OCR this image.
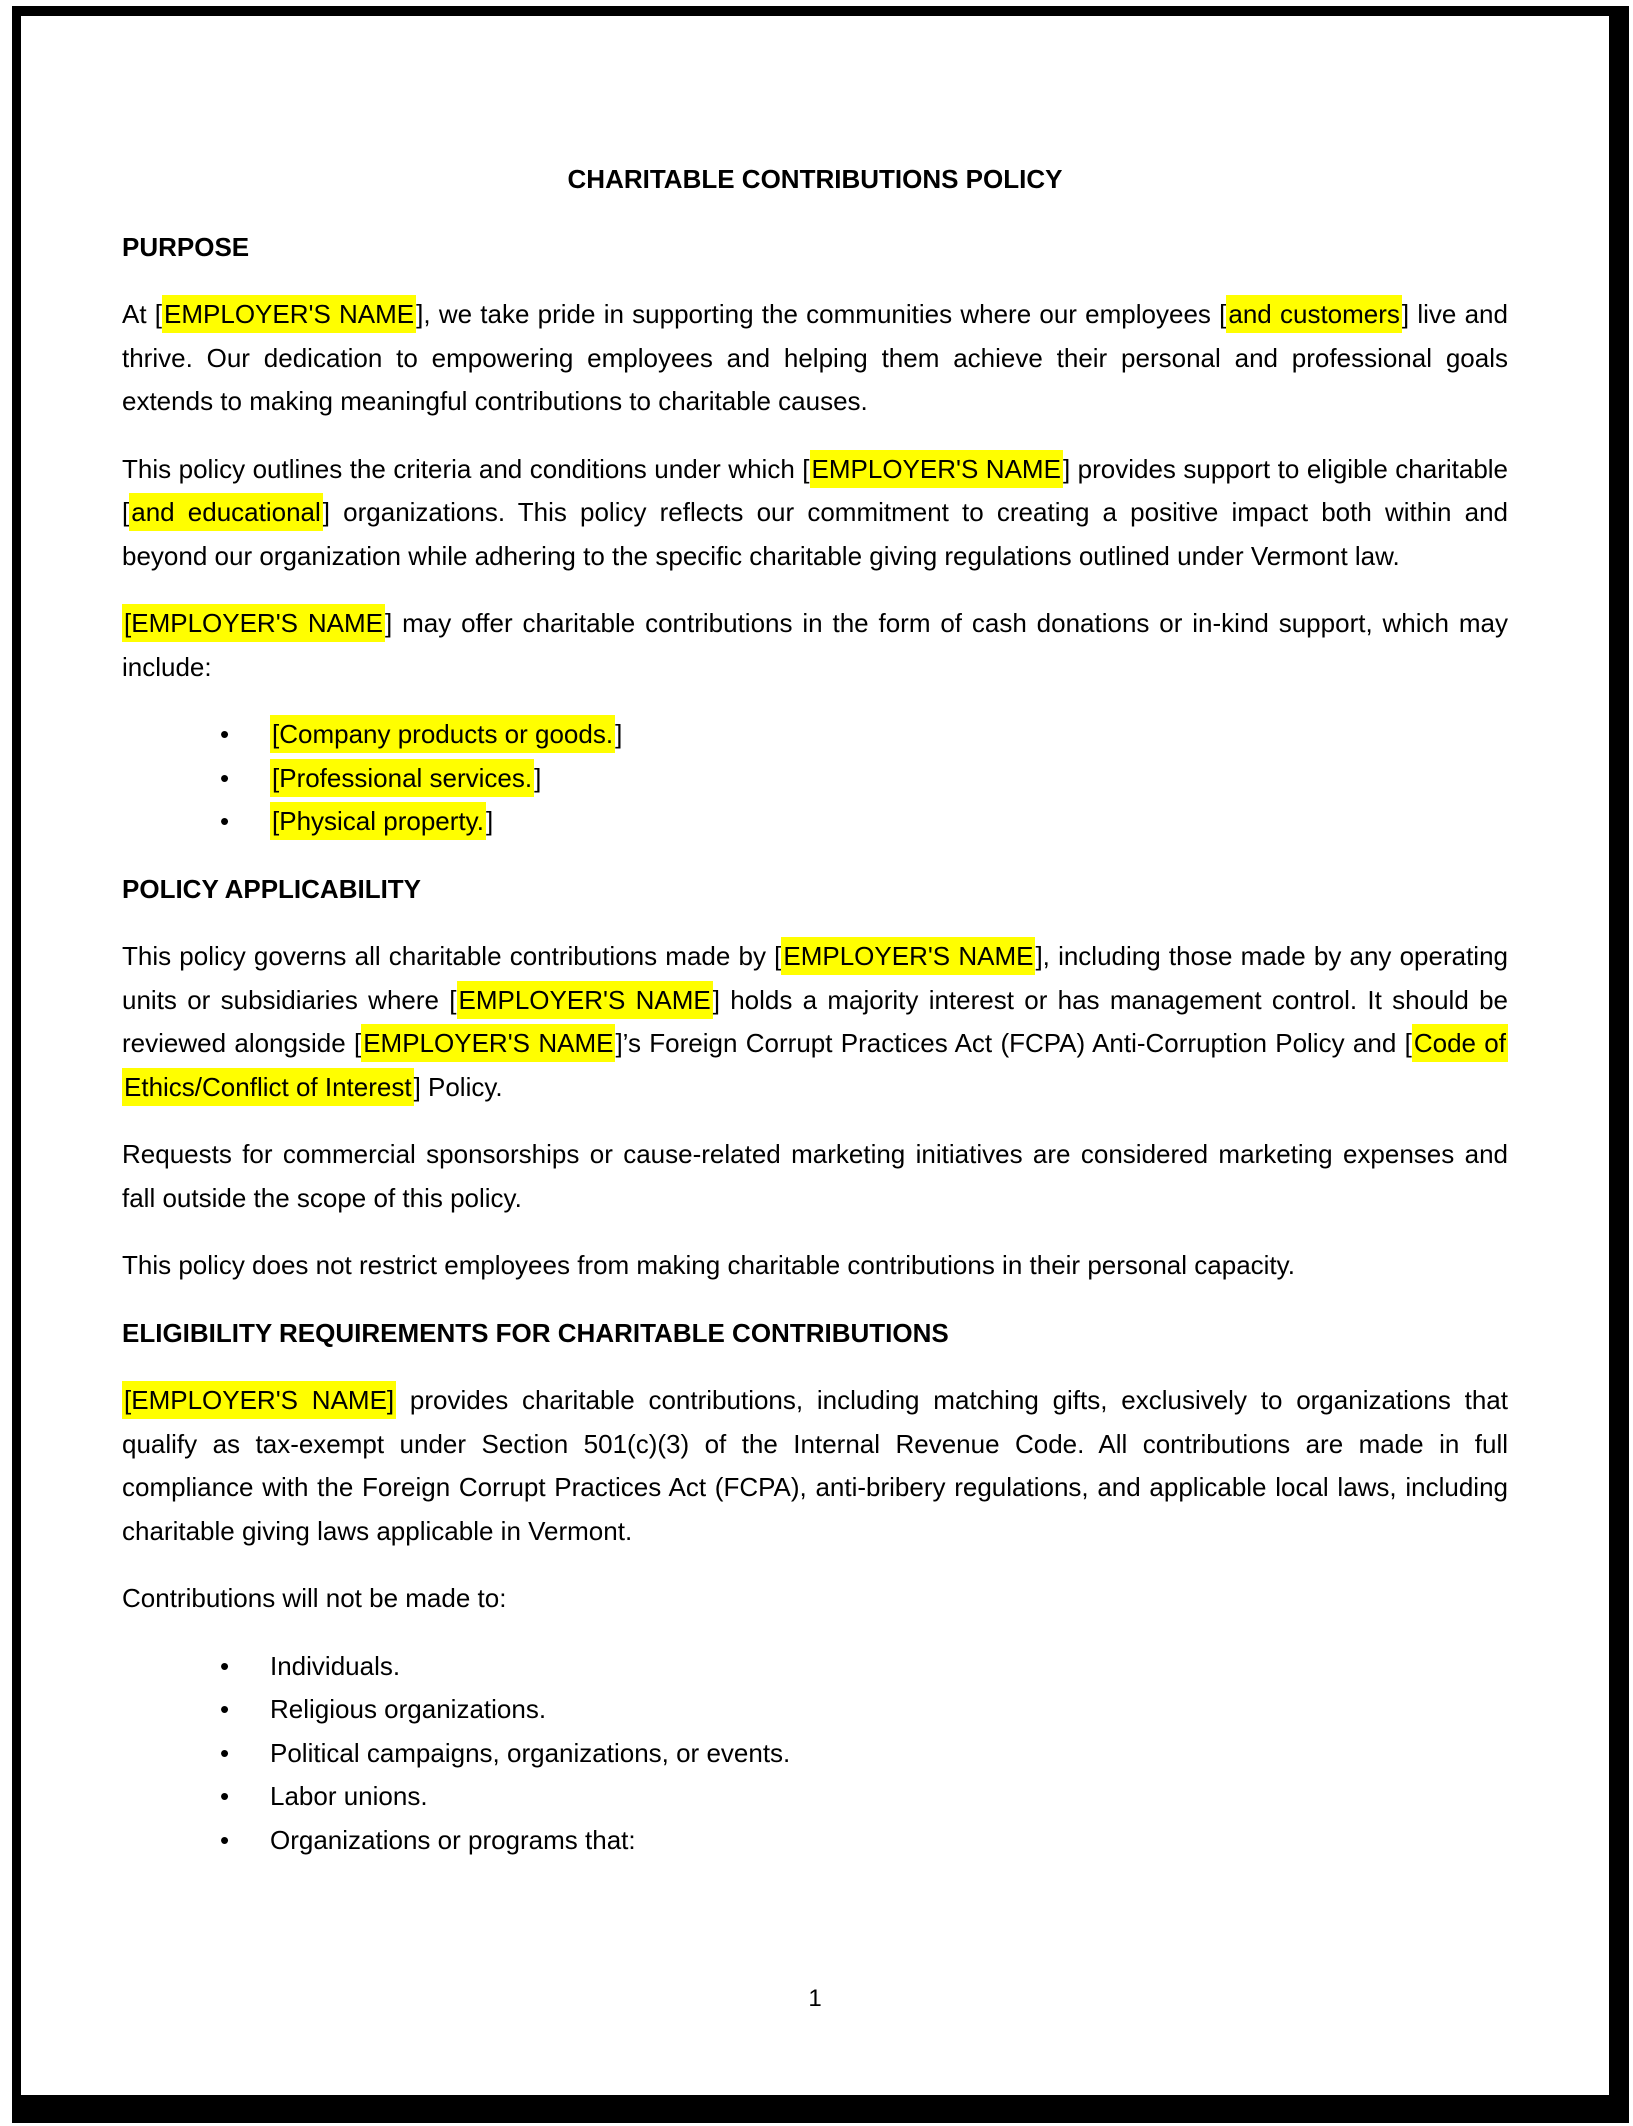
CHARITABLE CONTRIBUTIONS POLICY
PURPOSE

At [EMPLOYER'S NAME], we take pride in supporting the communities where our employees [and customers] live and thrive. Our dedication to empowering employees and helping them achieve their personal and professional goals extends to making meaningful contributions to charitable causes.

This policy outlines the criteria and conditions under which [EMPLOYER'S NAME] provides support to eligible charitable [and educational] organizations. This policy reflects our commitment to creating a positive impact both within and beyond our organization while adhering to the specific charitable giving regulations outlined under Vermont law.

[EMPLOYER'S NAME] may offer charitable contributions in the form of cash donations or in-kind support, which may include:

• [Company products or goods.]
• [Professional services.]
• [Physical property.]
POLICY APPLICABILITY

This policy governs all charitable contributions made by [EMPLOYER'S NAME], including those made by any operating units or subsidiaries where [EMPLOYER'S NAME] holds a majority interest or has management control. It should be reviewed alongside [EMPLOYER'S NAME]’s Foreign Corrupt Practices Act (FCPA) Anti-Corruption Policy and [Code of Ethics/Conflict of Interest] Policy.

Requests for commercial sponsorships or cause-related marketing initiatives are considered marketing expenses and fall outside the scope of this policy.

This policy does not restrict employees from making charitable contributions in their personal capacity.

ELIGIBILITY REQUIREMENTS FOR CHARITABLE CONTRIBUTIONS

[EMPLOYER'S NAME] provides charitable contributions, including matching gifts, exclusively to organizations that qualify as tax-exempt under Section 501(c)(3) of the Internal Revenue Code. All contributions are made in full compliance with the Foreign Corrupt Practices Act (FCPA), anti-bribery regulations, and applicable local laws, including charitable giving laws applicable in Vermont.

Contributions will not be made to:

• Individuals.
• Religious organizations.
• Political campaigns, organizations, or events.
• Labor unions.
• Organizations or programs that:
1
